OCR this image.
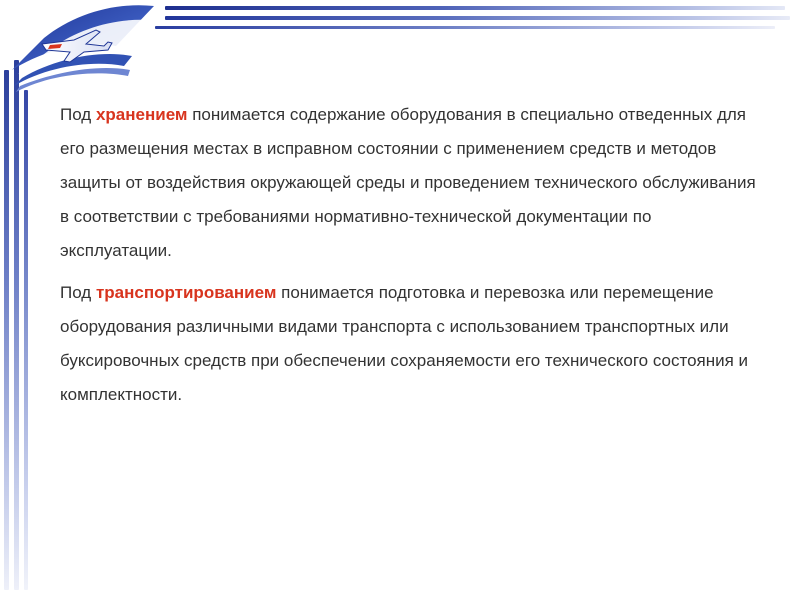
Под хранением понимается содержание оборудования в специально отведенных для его размещения местах в исправном состоянии с применением средств и методов защиты от воздействия окружающей среды и проведением технического обслуживания в соответствии с требованиями нормативно-технической документации по эксплуатации.

Под транспортированием понимается подготовка и перевозка или перемещение оборудования различными видами транспорта с использованием транспортных или буксировочных средств при обеспечении сохраняемости его технического состояния и комплектности.
